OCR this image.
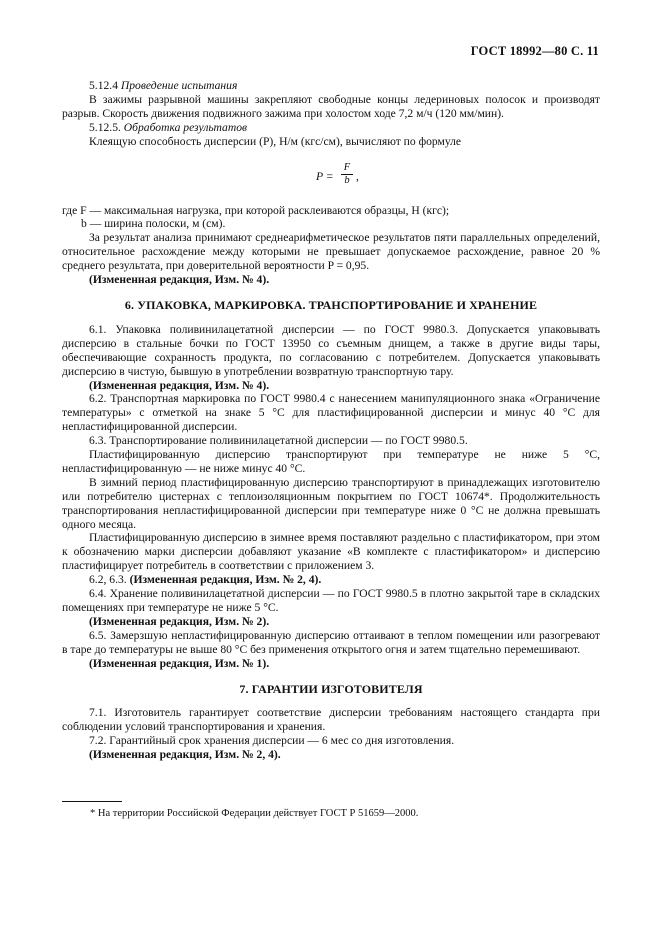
ГОСТ 18992—80 С. 11

5.12.4 Проведение испытания

В зажимы разрывной машины закрепляют свободные концы ледериновых полосок и производят разрыв. Скорость движения подвижного зажима при холостом ходе 7,2 м/ч (120 мм/мин).

5.12.5. Обработка результатов

Клеящую способность дисперсии (P), Н/м (кгс/см), вычисляют по формуле

$P = \frac{F}{b}$ ,

где F — максимальная нагрузка, при которой расклеиваются образцы, Н (кгс);

b — ширина полоски, м (см).

За результат анализа принимают среднеарифметическое результатов пяти параллельных определений, относительное расхождение между которыми не превышает допускаемое расхождение, равное 20 % среднего результата, при доверительной вероятности P = 0,95.

(Измененная редакция, Изм. № 4).

6. УПАКОВКА, МАРКИРОВКА. ТРАНСПОРТИРОВАНИЕ И ХРАНЕНИЕ

6.1. Упаковка поливинилацетатной дисперсии — по ГОСТ 9980.3. Допускается упаковывать дисперсию в стальные бочки по ГОСТ 13950 со съемным днищем, а также в другие виды тары, обеспечивающие сохранность продукта, по согласованию с потребителем. Допускается упаковывать дисперсию в чистую, бывшую в употреблении возвратную транспортную тару.

(Измененная редакция, Изм. № 4).

6.2. Транспортная маркировка по ГОСТ 9980.4 с нанесением манипуляционного знака «Ограничение температуры» с отметкой на знаке 5 °С для пластифицированной дисперсии и минус 40 °С для непластифицированной дисперсии.

6.3. Транспортирование поливинилацетатной дисперсии — по ГОСТ 9980.5.

Пластифицированную дисперсию транспортируют при температуре не ниже 5 °С, непластифицированную — не ниже минус 40 °С.

В зимний период пластифицированную дисперсию транспортируют в принадлежащих изготовителю или потребителю цистернах с теплоизоляционным покрытием по ГОСТ 10674*. Продолжительность транспортирования непластифицированной дисперсии при температуре ниже 0 °С не должна превышать одного месяца.

Пластифицированную дисперсию в зимнее время поставляют раздельно с пластификатором, при этом к обозначению марки дисперсии добавляют указание «В комплекте с пластификатором» и дисперсию пластифицирует потребитель в соответствии с приложением 3.

6.2, 6.3. (Измененная редакция, Изм. № 2, 4).

6.4. Хранение поливинилацетатной дисперсии — по ГОСТ 9980.5 в плотно закрытой таре в складских помещениях при температуре не ниже 5 °С.

(Измененная редакция, Изм. № 2).

6.5. Замерзшую непластифицированную дисперсию оттаивают в теплом помещении или разогревают в таре до температуры не выше 80 °С без применения открытого огня и затем тщательно перемешивают.

(Измененная редакция, Изм. № 1).

7. ГАРАНТИИ ИЗГОТОВИТЕЛЯ

7.1. Изготовитель гарантирует соответствие дисперсии требованиям настоящего стандарта при соблюдении условий транспортирования и хранения.

7.2. Гарантийный срок хранения дисперсии — 6 мес со дня изготовления.

(Измененная редакция, Изм. № 2, 4).

* На территории Российской Федерации действует ГОСТ Р 51659—2000.
